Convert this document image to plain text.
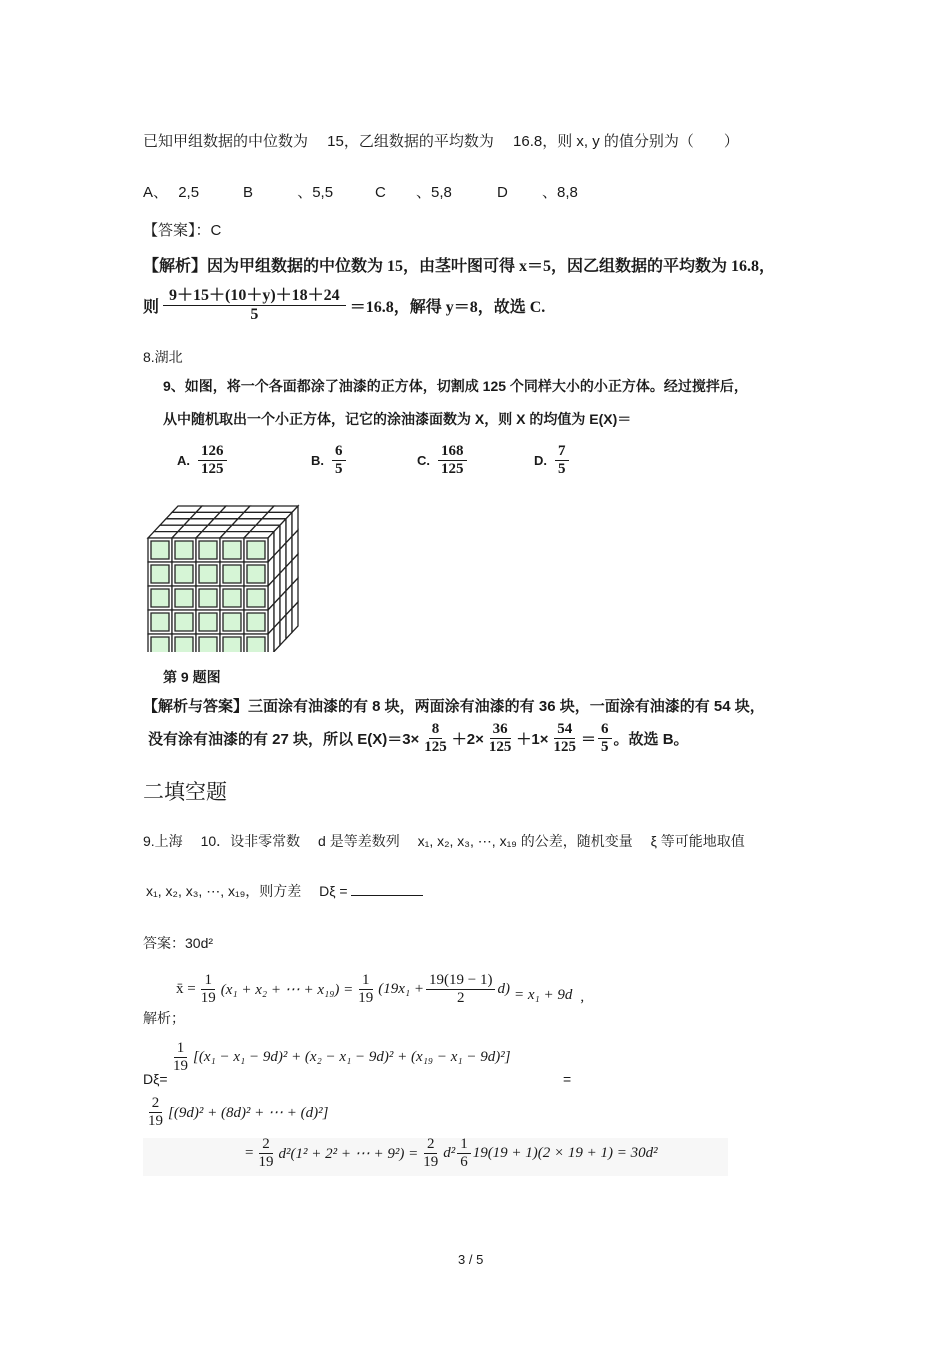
已知甲组数据的中位数为　 15，乙组数据的平均数为　 16.8，则 x, y 的值分别为（　　）
A、 2,5	B	、5,5	C 、5,8	D 、8,8
【答案】：C
【解析】因为甲组数据的中位数为 15，由茎叶图可得 x＝5，因乙组数据的平均数为 16.8，
则 $\frac{9+15+(10+y)+18+24}{5} =16.8$，解得 y＝8，故选 C.
8.湖北
9、如图，将一个各面都涂了油漆的正方体，切割成 125 个同样大小的小正方体。经过搅拌后，
从中随机取出一个小正方体，记它的涂油漆面数为 X，则 X 的均值为 E(X)＝
A. $\frac{126}{125}$	B. $\frac{6}{5}$	C. $\frac{168}{125}$	D. $\frac{7}{5}$
第 9 题图
【解析与答案】三面涂有油漆的有 8 块，两面涂有油漆的有 36 块，一面涂有油漆的有 54 块，
没有涂有油漆的有 27 块，所以 $E(X)=3\times \frac{8}{125} +2\times \frac{36}{125} +1\times \frac{54}{125} = \frac{6}{5}$ 。故选 B。
二填空题
9.上海　 10．设非零常数　 d 是等差数列　 x₁, x₂, x₃, ⋯, x₁₉ 的公差，随机变量　 ξ 等可能地取值
x₁, x₂, x₃, ⋯, x₁₉，则方差　 Dξ =
答案：30d²
解析；
x̄ = $\frac{1}{19} (x_1 + x_2$ + ⋯ + $x_{19}) = \frac{1}{19} (19x_1 + \frac{19(19 - 1)}{2} d) = x_1 + 9d$ ,
Dξ=
$\frac{1}{19} [(x_1 - x_1 - 9d)^2 + (x_2 - x_1 - 9d)^2 + (x_{19} - x_1 - 9d)^2]$
=
$\frac{2}{19} [(9d)^2 + (8d)^2$ + ⋯ + (d)²]
= $\frac{2}{19} d^2(1^2 + 2^2$ + ⋯ + $9^2) = \frac{2}{19} d^2 \frac{1}{6} 19(19 + 1)(2 \times 19 + 1) = 30d^2$
3 / 5
